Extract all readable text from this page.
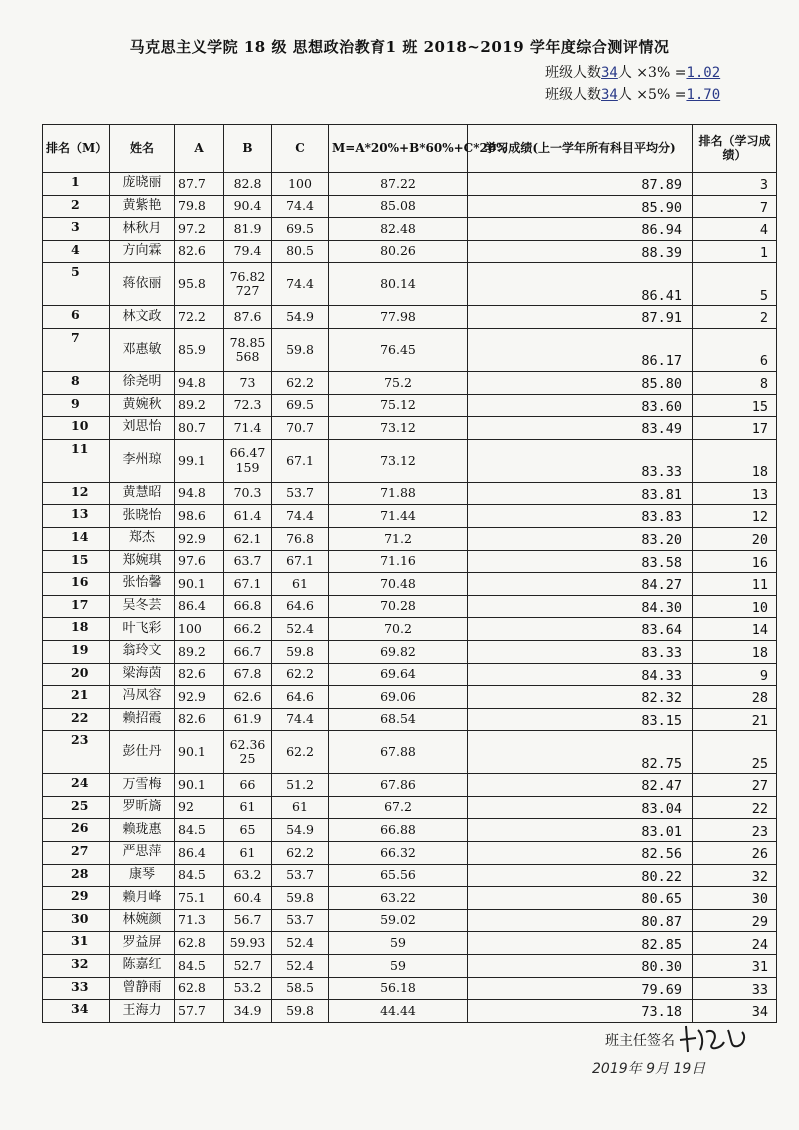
马克思主义学院 18 级 思想政治教育1 班 2018~2019 学年度综合测评情况
班级人数34人 ×3% =1.02
班级人数34人 ×5% =1.70
排名（M）	姓名	A	B	C	M=A*20%+B*60%+C*20%	学习成绩(上一学年所有科目平均分)	排名（学习成绩）
1	庞晓丽	87.7	82.8	100	87.22	87.89	3
2	黄紫艳	79.8	90.4	74.4	85.08	85.90	7
3	林秋月	97.2	81.9	69.5	82.48	86.94	4
4	方向霖	82.6	79.4	80.5	80.26	88.39	1
5	蒋依丽	95.8	76.82 727	74.4	80.14	86.41	5
6	林文政	72.2	87.6	54.9	77.98	87.91	2
7	邓惠敏	85.9	78.85 568	59.8	76.45	86.17	6
8	徐尧明	94.8	73	62.2	75.2	85.80	8
9	黄婉秋	89.2	72.3	69.5	75.12	83.60	15
10	刘思怡	80.7	71.4	70.7	73.12	83.49	17
11	李州琼	99.1	66.47 159	67.1	73.12	83.33	18
12	黄慧昭	94.8	70.3	53.7	71.88	83.81	13
13	张晓怡	98.6	61.4	74.4	71.44	83.83	12
14	郑杰	92.9	62.1	76.8	71.2	83.20	20
15	郑婉琪	97.6	63.7	67.1	71.16	83.58	16
16	张怡馨	90.1	67.1	61	70.48	84.27	11
17	吴冬芸	86.4	66.8	64.6	70.28	84.30	10
18	叶飞彩	100	66.2	52.4	70.2	83.64	14
19	翁玲文	89.2	66.7	59.8	69.82	83.33	18
20	梁海茵	82.6	67.8	62.2	69.64	84.33	9
21	冯凤容	92.9	62.6	64.6	69.06	82.32	28
22	赖招霞	82.6	61.9	74.4	68.54	83.15	21
23	彭仕丹	90.1	62.36 25	62.2	67.88	82.75	25
24	万雪梅	90.1	66	51.2	67.86	82.47	27
25	罗昕旖	92	61	61	67.2	83.04	22
26	赖珑惠	84.5	65	54.9	66.88	83.01	23
27	严思萍	86.4	61	62.2	66.32	82.56	26
28	康琴	84.5	63.2	53.7	65.56	80.22	32
29	赖月峰	75.1	60.4	59.8	63.22	80.65	30
30	林婉颜	71.3	56.7	53.7	59.02	80.87	29
31	罗益屏	62.8	59.93	52.4	59	82.85	24
32	陈嘉红	84.5	52.7	52.4	59	80.30	31
33	曾静雨	62.8	53.2	58.5	56.18	79.69	33
34	王海力	57.7	34.9	59.8	44.44	73.18	34
班主任签名
2019年 9月 19日
